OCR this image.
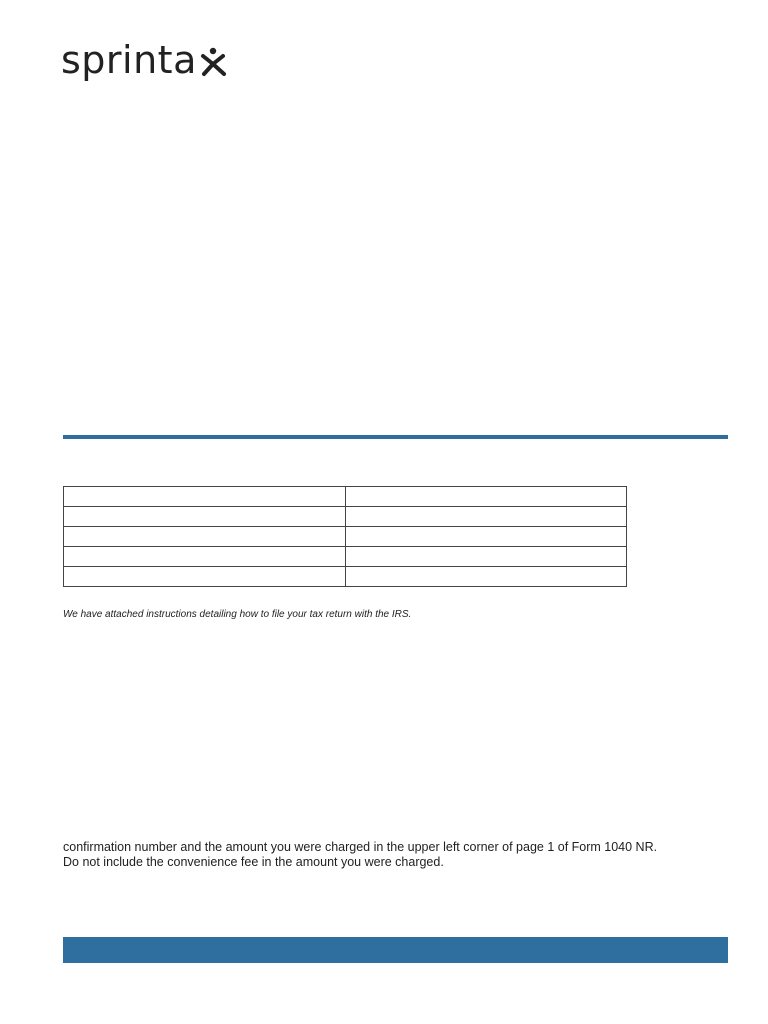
sprinta

We have attached instructions detailing how to file your tax return with the IRS.

confirmation number and the amount you were charged in the upper left corner of page 1 of Form 1040 NR.

Do not include the convenience fee in the amount you were charged.
